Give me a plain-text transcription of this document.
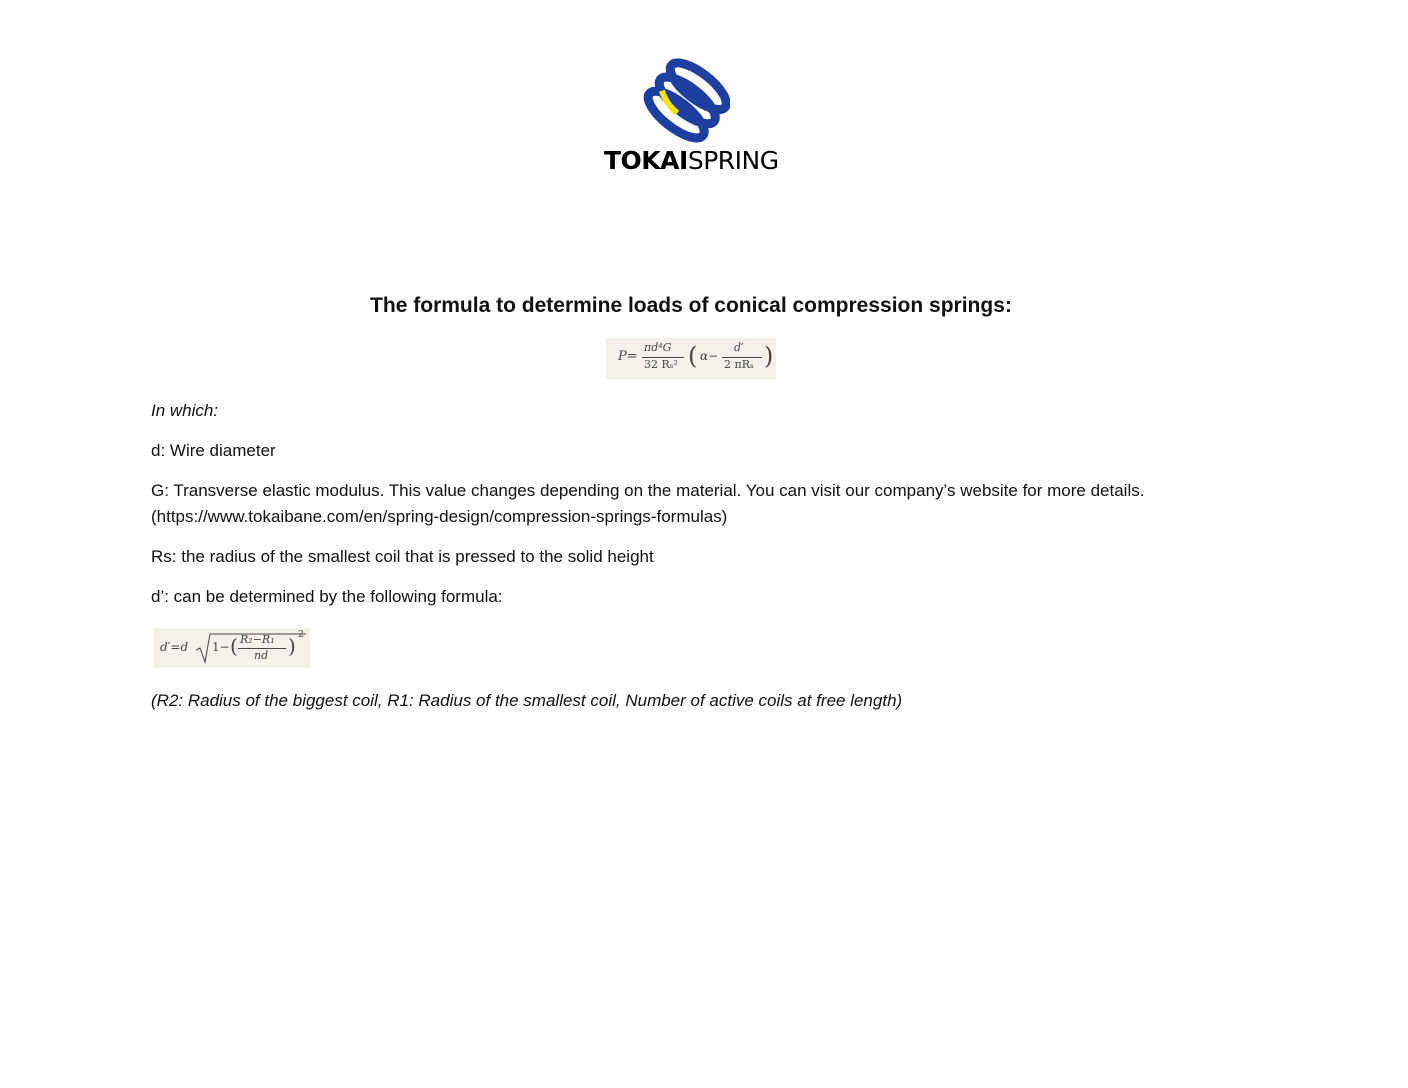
TOKAISPRING
The formula to determine loads of conical compression springs:
P=
πd⁴G
32 Rₛ² ( α−
d′
2 πRₛ )
In which:
d: Wire diameter
G: Transverse elastic modulus. This value changes depending on the material. You can visit our company’s website for more details.
(https://www.tokaibane.com/en/spring-design/compression-springs-formulas)
Rs: the radius of the smallest coil that is pressed to the solid height
d’: can be determined by the following formula:
d′=d 1− ( R₂−R₁
nd ) 2
(R2: Radius of the biggest coil, R1: Radius of the smallest coil, Number of active coils at free length)
